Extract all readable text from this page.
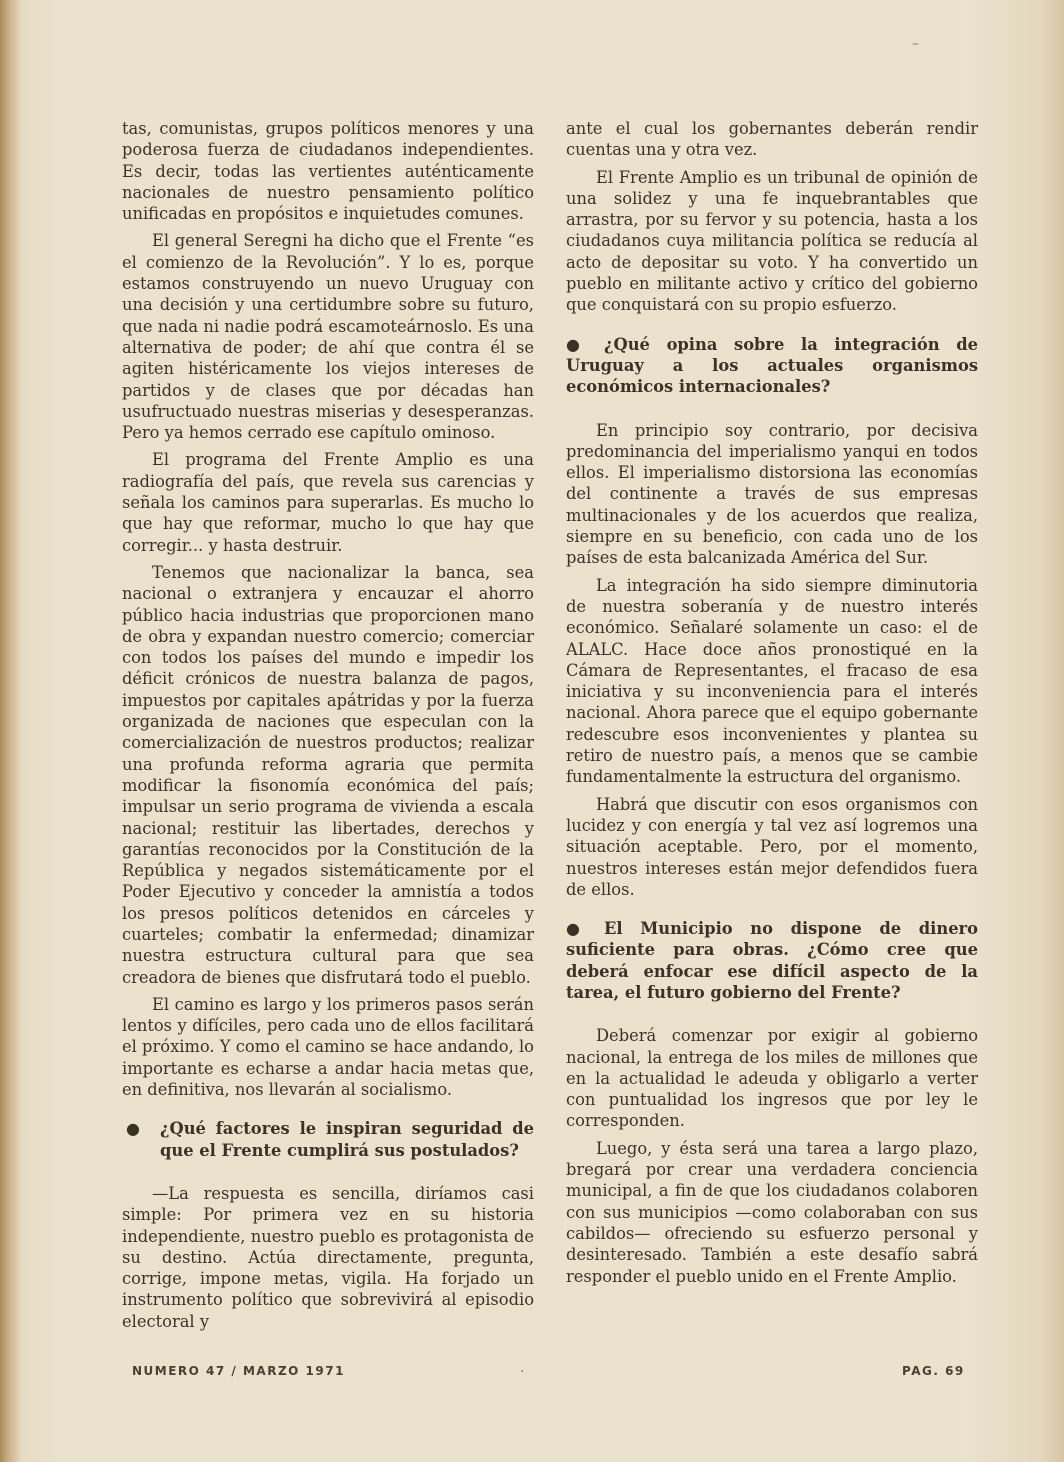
tas, comunistas, grupos políticos menores y una poderosa fuerza de ciudadanos independientes. Es decir, todas las vertientes auténticamente nacionales de nuestro pensamiento político unificadas en propósitos e inquietudes comunes.

El general Seregni ha dicho que el Frente “es el comienzo de la Revolución”. Y lo es, porque estamos construyendo un nuevo Uruguay con una decisión y una certidumbre sobre su futuro, que nada ni nadie podrá escamoteárnoslo. Es una alternativa de poder; de ahí que contra él se agiten histéricamente los viejos intereses de partidos y de clases que por décadas han usufructuado nuestras miserias y desesperanzas. Pero ya hemos cerrado ese capítulo ominoso.

El programa del Frente Amplio es una radiografía del país, que revela sus carencias y señala los caminos para superarlas. Es mucho lo que hay que reformar, mucho lo que hay que corregir... y hasta destruir.

Tenemos que nacionalizar la banca, sea nacional o extranjera y encauzar el ahorro público hacia industrias que proporcionen mano de obra y expandan nuestro comercio; comerciar con todos los países del mundo e impedir los déficit crónicos de nuestra balanza de pagos, impuestos por capitales apátridas y por la fuerza organizada de naciones que especulan con la comercialización de nuestros productos; realizar una profunda reforma agraria que permita modificar la fisonomía económica del país; impulsar un serio programa de vivienda a escala nacional; restituir las libertades, derechos y garantías reconocidos por la Constitución de la República y negados sistemáticamente por el Poder Ejecutivo y conceder la amnistía a todos los presos políticos detenidos en cárceles y cuarteles; combatir la enfermedad; dinamizar nuestra estructura cultural para que sea creadora de bienes que disfrutará todo el pueblo.

El camino es largo y los primeros pasos serán lentos y difíciles, pero cada uno de ellos facilitará el próximo. Y como el camino se hace andando, lo importante es echarse a andar hacia metas que, en definitiva, nos llevarán al socialismo.

● ¿Qué factores le inspiran seguridad de que el Frente cumplirá sus postulados?

—La respuesta es sencilla, diríamos casi simple: Por primera vez en su historia independiente, nuestro pueblo es protagonista de su destino. Actúa directamente, pregunta, corrige, impone metas, vigila. Ha forjado un instrumento político que sobrevivirá al episodio electoral y

ante el cual los gobernantes deberán rendir cuentas una y otra vez.

El Frente Amplio es un tribunal de opinión de una solidez y una fe inquebrantables que arrastra, por su fervor y su potencia, hasta a los ciudadanos cuya militancia política se reducía al acto de depositar su voto. Y ha convertido un pueblo en militante activo y crítico del gobierno que conquistará con su propio esfuerzo.

●	¿Qué opina sobre la integración de Uruguay a los actuales organismos económicos internacionales?

En principio soy contrario, por decisiva predominancia del imperialismo yanqui en todos ellos. El imperialismo distorsiona las economías del continente a través de sus empresas multinacionales y de los acuerdos que realiza, siempre en su beneficio, con cada uno de los países de esta balcanizada América del Sur.

La integración ha sido siempre diminutoria de nuestra soberanía y de nuestro interés económico. Señalaré solamente un caso: el de ALALC. Hace doce años pronostiqué en la Cámara de Representantes, el fracaso de esa iniciativa y su inconveniencia para el interés nacional. Ahora parece que el equipo gobernante redescubre esos inconvenientes y plantea su retiro de nuestro país, a menos que se cambie fundamentalmente la estructura del organismo.

Habrá que discutir con esos organismos con lucidez y con energía y tal vez así logremos una situación aceptable. Pero, por el momento, nuestros intereses están mejor defendidos fuera de ellos.

●	El Municipio no dispone de dinero suficiente para obras. ¿Cómo cree que deberá enfocar ese difícil aspecto de la tarea, el futuro gobierno del Frente?

Deberá comenzar por exigir al gobierno nacional, la entrega de los miles de millones que en la actualidad le adeuda y obligarlo a verter con puntualidad los ingresos que por ley le corresponden.

Luego, y ésta será una tarea a largo plazo, bregará por crear una verdadera conciencia municipal, a fin de que los ciudadanos colaboren con sus municipios —como colaboraban con sus cabildos— ofreciendo su esfuerzo personal y desinteresado. También a este desafío sabrá responder el pueblo unido en el Frente Amplio.

NUMERO 47 / MARZO 1971	PAG. 69
–
·
